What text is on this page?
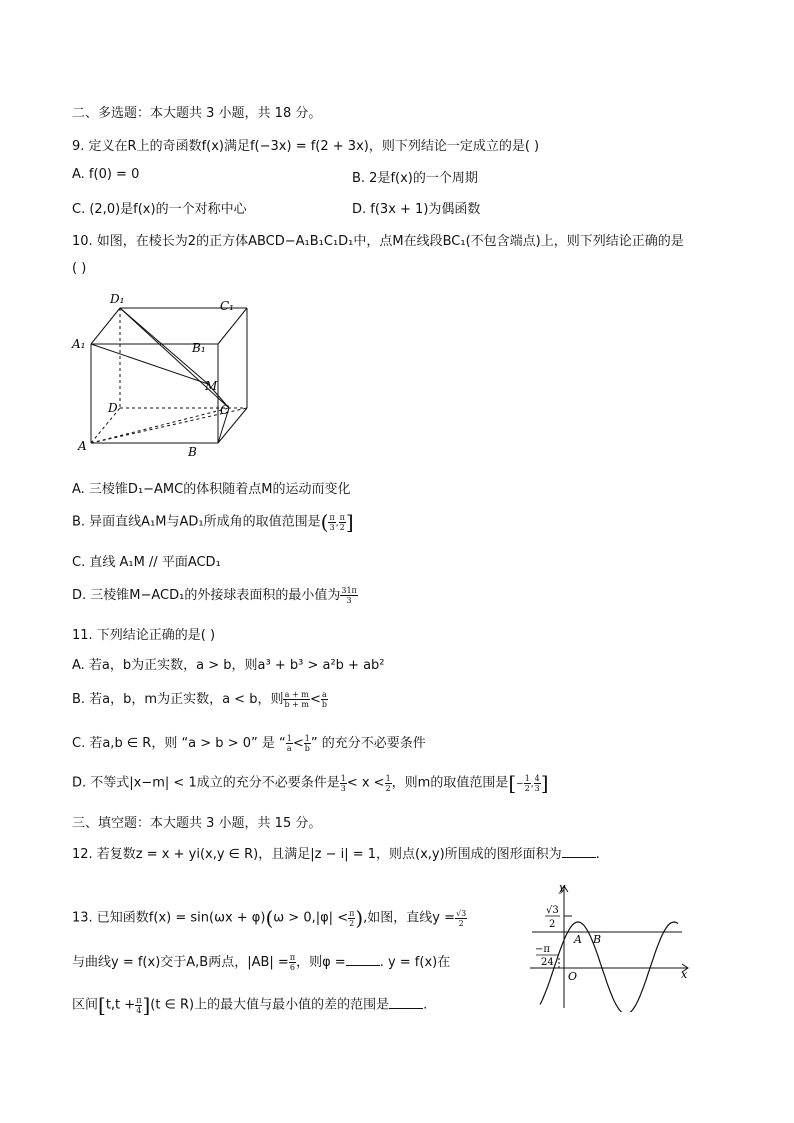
二、多选题：本大题共 3 小题，共 18 分。
9. 定义在R上的奇函数f(x)满足f(−3x) = f(2 + 3x)，则下列结论一定成立的是( )
A. f(0) = 0	B. 2是f(x)的一个周期
C. (2,0)是f(x)的一个对称中心	D. f(3x + 1)为偶函数
10. 如图，在棱长为2的正方体ABCD−A₁B₁C₁D₁中，点M在线段BC₁(不包含端点)上，则下列结论正确的是
( )
D₁	C₁
A₁	B₁
M
D	C
A	B
A. 三棱锥D₁−AMC的体积随着点M的运动而变化
B. 异面直线A₁M与AD₁所成角的取值范围是( $\frac{\pi}{3}$ , $\frac{\pi}{2}$ ]
C. 直线 A₁M // 平面ACD₁
D. 三棱锥M−ACD₁的外接球表面积的最小值为 $\frac{31\pi}{3}$
11. 下列结论正确的是( )
A. 若a，b为正实数，a > b，则a³ + b³ > a²b + ab²
B. 若a，b，m为正实数，a < b，则 $\frac{a + m}{b + m} < \frac{a}{b}$
C. 若a,b ∈ R，则 “a > b > 0” 是 “ $\frac{1}{a} < \frac{1}{b}$ ” 的充分不必要条件
D. 不等式|x−m| < 1成立的充分不必要条件是 $\frac{1}{3} < x < \frac{1}{2}$ ，则m的取值范围是[− $\frac{1}{2}$ , $\frac{4}{3}$ ]
三、填空题：本大题共 3 小题，共 15 分。
12. 若复数z = x + yi(x,y ∈ R)，且满足|z − i| = 1，则点(x,y)所围成的图形面积为	.
13. 已知函数$f(x) = \sin(\omega x + \varphi)(\omega > 0,|\varphi| < \frac{\pi}{2}$ ),如图，直线$y = \frac{√3}{2}$
与曲线y = f(x)交于A,B两点，$|AB| = \frac{\pi}{6}$ ，则φ =	. y = f(x)在
区间$[t,t + \frac{\pi}{4} ](t$ ∈ R)上的最大值与最小值的差的范围是	.
y
x
O
A B
√3
2
−π
24
